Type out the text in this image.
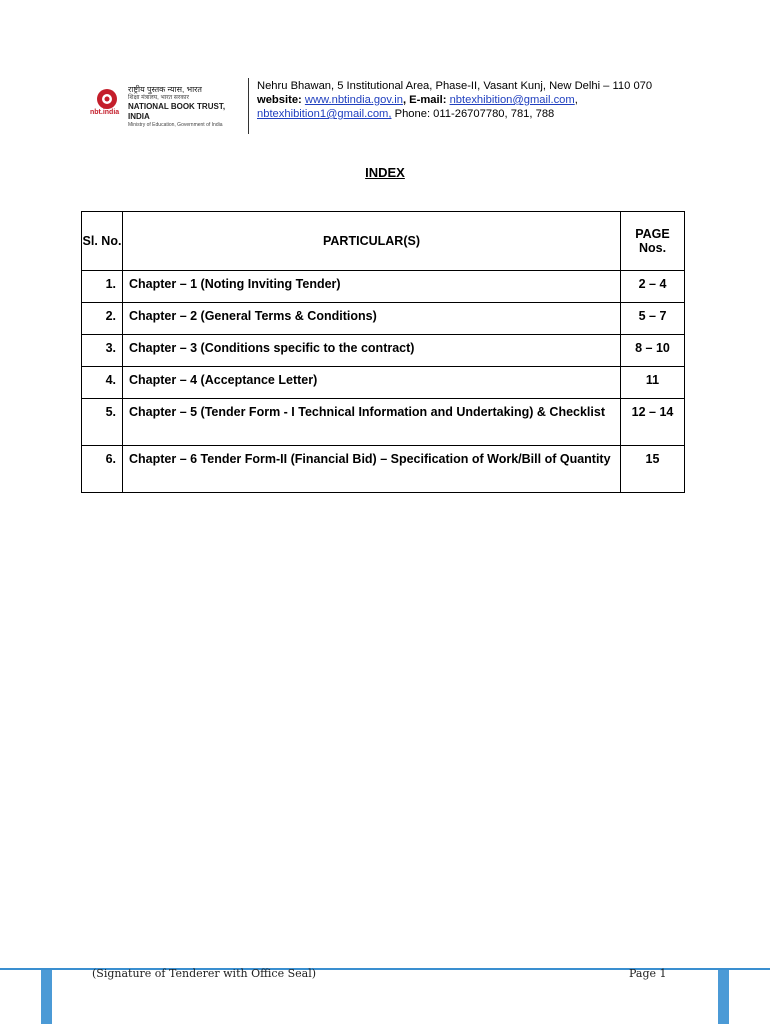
nbt.india
राष्ट्रीय पुस्तक न्यास, भारत
शिक्षा मंत्रालय, भारत सरकार
NATIONAL BOOK TRUST, INDIA
Ministry of Education, Government of India
Nehru Bhawan, 5 Institutional Area, Phase-II, Vasant Kunj, New Delhi – 110 070
website: www.nbtindia.gov.in, E-mail: nbtexhibition@gmail.com,
nbtexhibition1@gmail.com, Phone: 011-26707780, 781, 788
INDEX
Sl. No.	PARTICULAR(S)	PAGE Nos.
1.	Chapter – 1 (Noting Inviting Tender)	2 – 4
2.	Chapter – 2 (General Terms & Conditions)	5 – 7
3.	Chapter – 3 (Conditions specific to the contract)	8 – 10
4.	Chapter – 4 (Acceptance Letter)	11
5.	Chapter – 5 (Tender Form - I Technical Information and Undertaking) & Checklist	12 – 14
6.	Chapter – 6 Tender Form-II (Financial Bid) – Specification of Work/Bill of Quantity	15
(Signature of Tenderer with Office Seal)	Page 1
